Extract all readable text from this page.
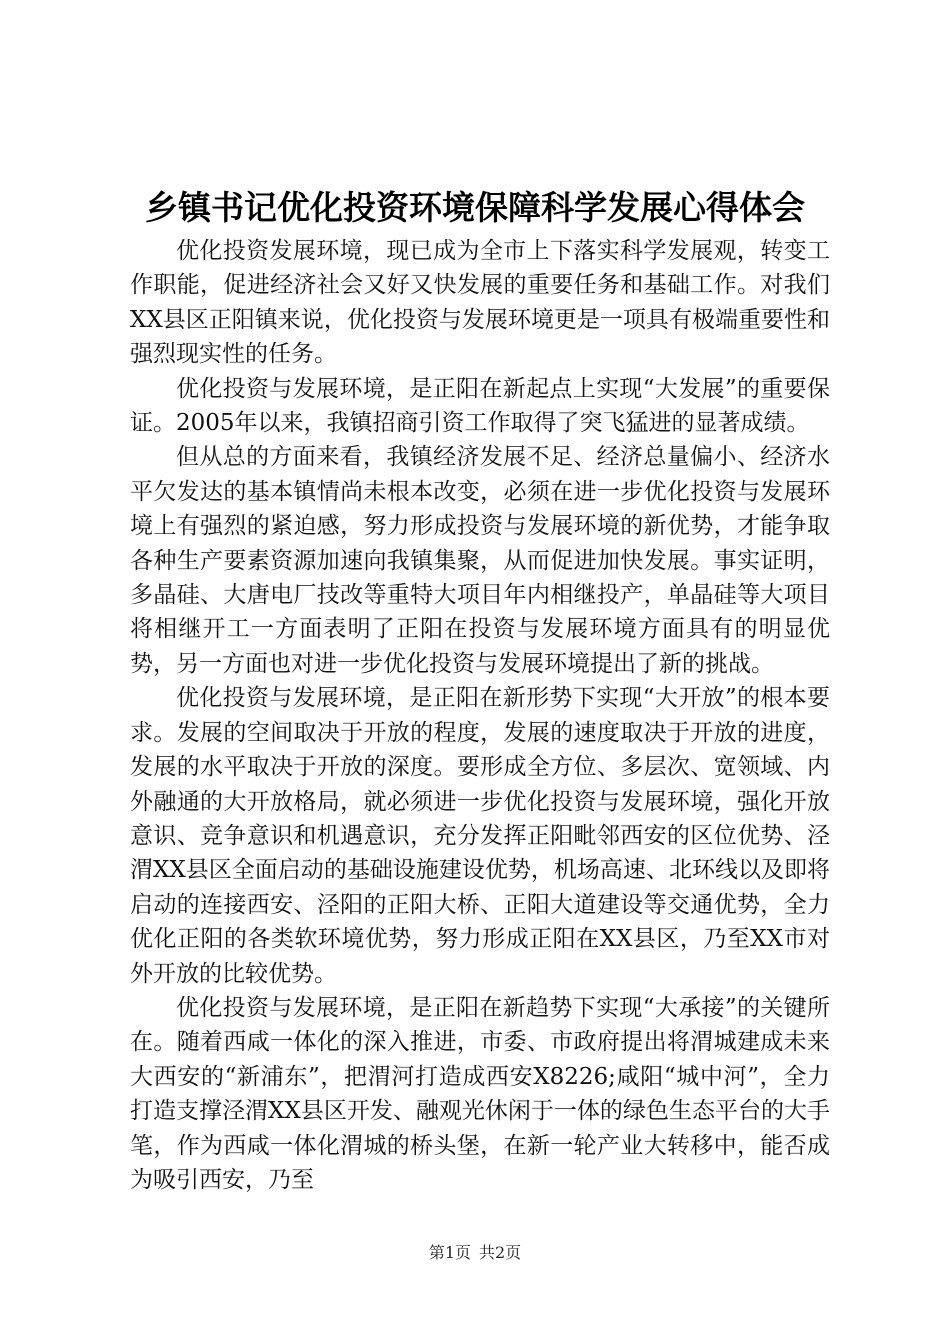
乡镇书记优化投资环境保障科学发展心得体会

优化投资发展环境，现已成为全市上下落实科学发展观，转变工作职能，促进经济社会又好又快发展的重要任务和基础工作。对我们XX县区正阳镇来说，优化投资与发展环境更是一项具有极端重要性和强烈现实性的任务。

优化投资与发展环境，是正阳在新起点上实现“大发展”的重要保证。2005年以来，我镇招商引资工作取得了突飞猛进的显著成绩。

但从总的方面来看，我镇经济发展不足、经济总量偏小、经济水平欠发达的基本镇情尚未根本改变，必须在进一步优化投资与发展环境上有强烈的紧迫感，努力形成投资与发展环境的新优势，才能争取各种生产要素资源加速向我镇集聚，从而促进加快发展。事实证明，多晶硅、大唐电厂技改等重特大项目年内相继投产，单晶硅等大项目将相继开工一方面表明了正阳在投资与发展环境方面具有的明显优势，另一方面也对进一步优化投资与发展环境提出了新的挑战。

优化投资与发展环境，是正阳在新形势下实现“大开放”的根本要求。发展的空间取决于开放的程度，发展的速度取决于开放的进度，发展的水平取决于开放的深度。要形成全方位、多层次、宽领域、内外融通的大开放格局，就必须进一步优化投资与发展环境，强化开放意识、竞争意识和机遇意识，充分发挥正阳毗邻西安的区位优势、泾渭XX县区全面启动的基础设施建设优势，机场高速、北环线以及即将启动的连接西安、泾阳的正阳大桥、正阳大道建设等交通优势，全力优化正阳的各类软环境优势，努力形成正阳在XX县区，乃至XX市对外开放的比较优势。

优化投资与发展环境，是正阳在新趋势下实现“大承接”的关键所在。随着西咸一体化的深入推进，市委、市政府提出将渭城建成未来大西安的“新浦东”，把渭河打造成西安X8226;咸阳“城中河”，全力打造支撑泾渭XX县区开发、融观光休闲于一体的绿色生态平台的大手笔，作为西咸一体化渭城的桥头堡，在新一轮产业大转移中，能否成为吸引西安，乃至

第1页 共2页
